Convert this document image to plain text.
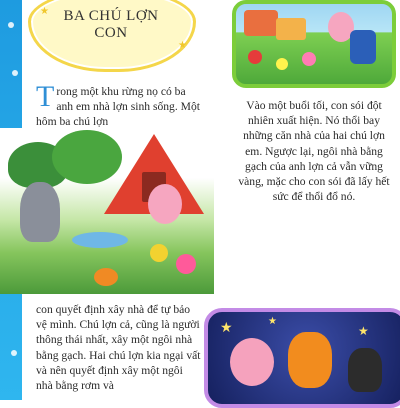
★
★
BA CHÚ LỢN CON
Trong một khu rừng nọ có ba anh em nhà lợn sinh sống. Một hôm ba chú lợn
Vào một buổi tối, con sói đột nhiên xuất hiện. Nó thổi bay những căn nhà của hai chú lợn em. Ngược lại, ngôi nhà bằng gạch của anh lợn cả vẫn vững vàng, mặc cho con sói đã lấy hết sức để thổi đổ nó.
con quyết định xây nhà để tự bảo vệ mình. Chú lợn cả, cũng là người thông thái nhất, xây một ngôi nhà bằng gạch. Hai chú lợn kia ngại vất và nên quyết định xây một ngôi nhà bằng rơm và
★	★
★
